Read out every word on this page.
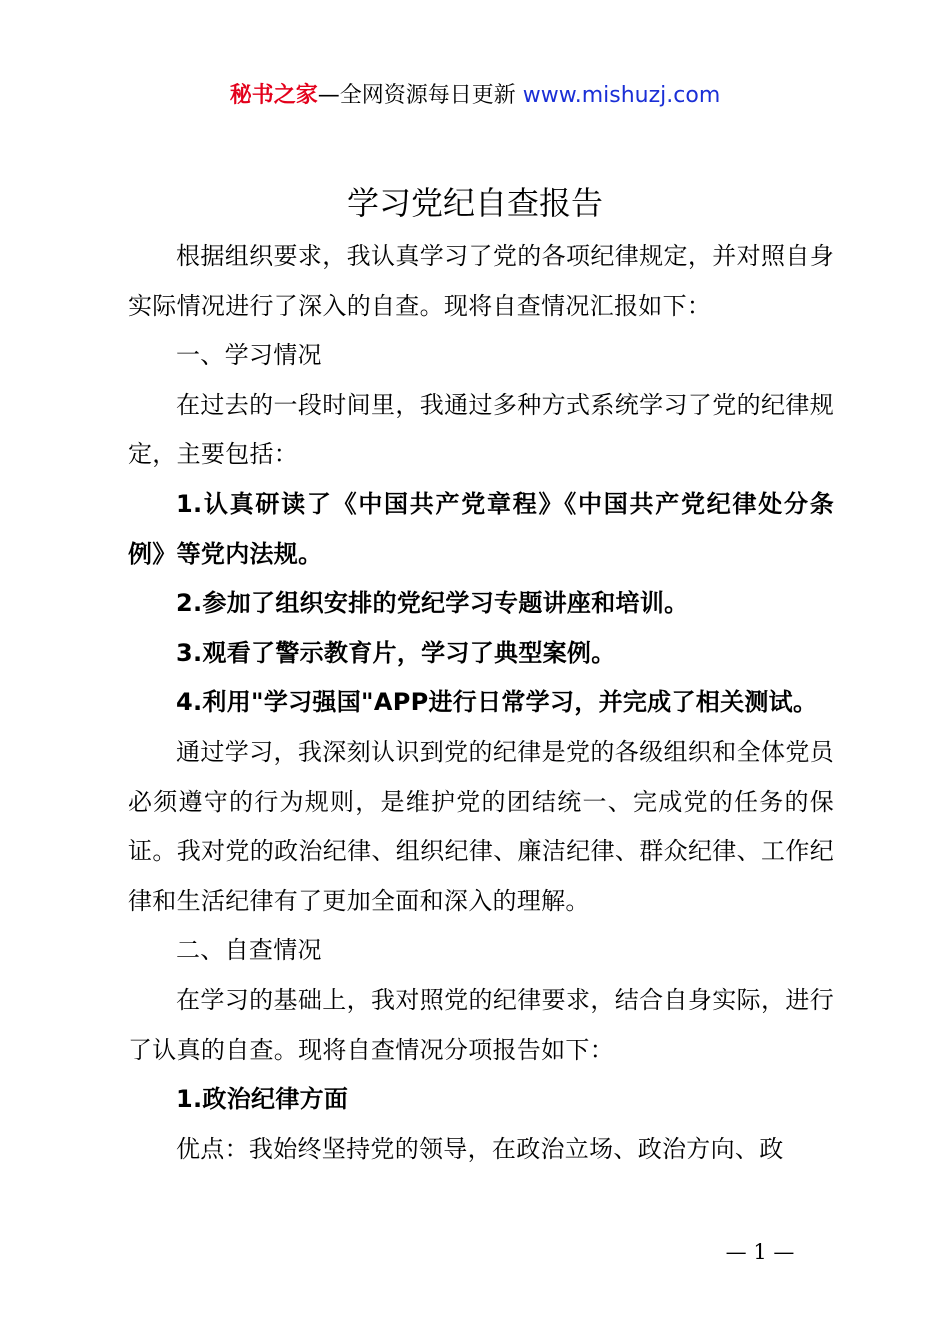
秘书之家—全网资源每日更新 www.mishuzj.com
学习党纪自查报告

根据组织要求，我认真学习了党的各项纪律规定，并对照自身实际情况进行了深入的自查。现将自查情况汇报如下：

一、学习情况

在过去的一段时间里，我通过多种方式系统学习了党的纪律规定，主要包括：

1.认真研读了《中国共产党章程》《中国共产党纪律处分条例》等党内法规。

2.参加了组织安排的党纪学习专题讲座和培训。

3.观看了警示教育片，学习了典型案例。

4.利用"学习强国"APP进行日常学习，并完成了相关测试。

通过学习，我深刻认识到党的纪律是党的各级组织和全体党员必须遵守的行为规则，是维护党的团结统一、完成党的任务的保证。我对党的政治纪律、组织纪律、廉洁纪律、群众纪律、工作纪律和生活纪律有了更加全面和深入的理解。

二、自查情况

在学习的基础上，我对照党的纪律要求，结合自身实际，进行了认真的自查。现将自查情况分项报告如下：

1.政治纪律方面

优点：我始终坚持党的领导，在政治立场、政治方向、政

— 1 —
